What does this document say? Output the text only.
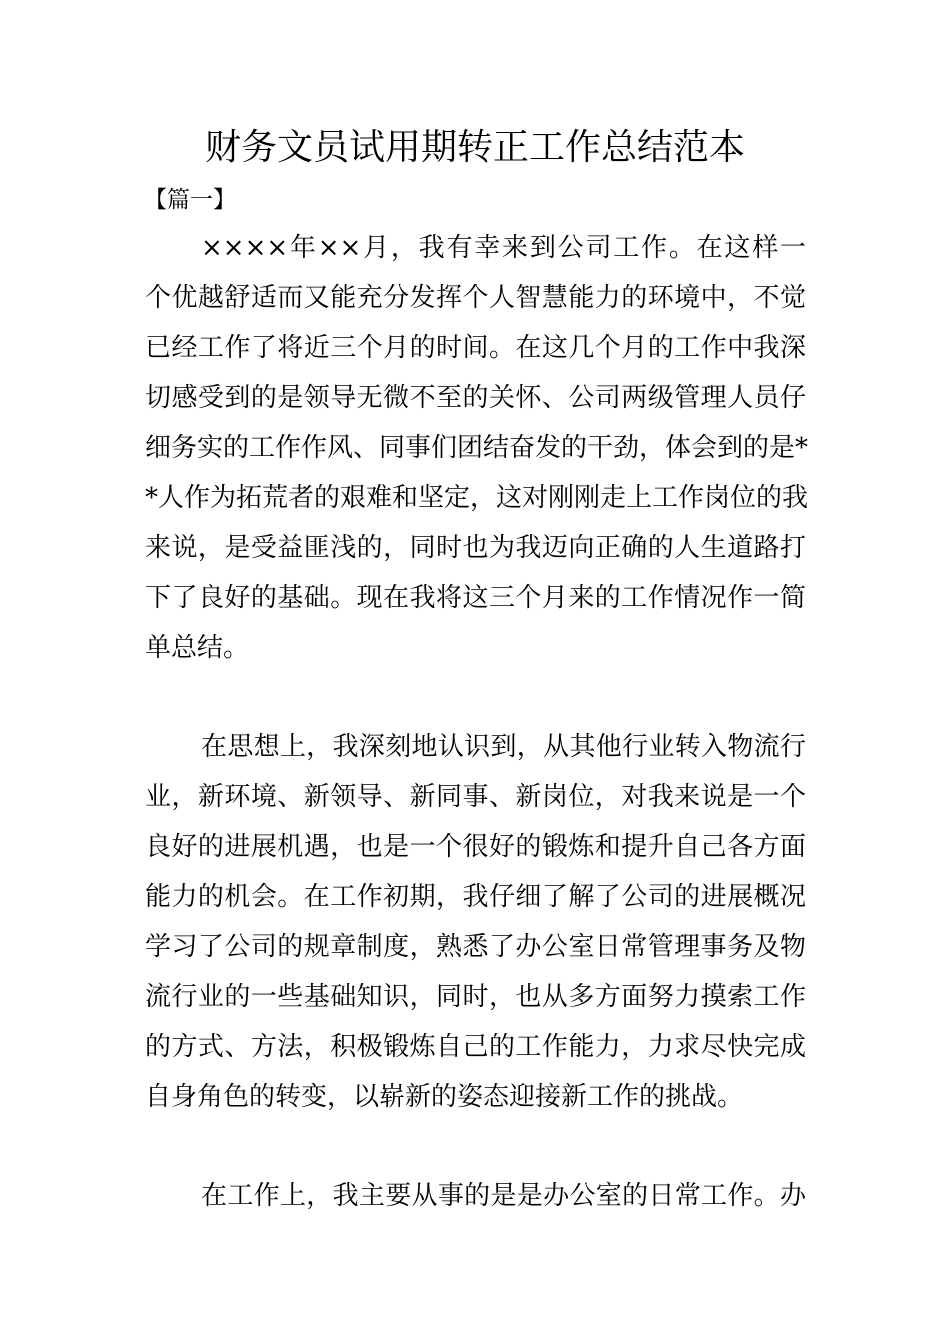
财务文员试用期转正工作总结范本
【篇一】
××××年××月，我有幸来到公司工作。在这样一
个优越舒适而又能充分发挥个人智慧能力的环境中，不觉
已经工作了将近三个月的时间。在这几个月的工作中我深
切感受到的是领导无微不至的关怀、公司两级管理人员仔
细务实的工作作风、同事们团结奋发的干劲，体会到的是*
*人作为拓荒者的艰难和坚定，这对刚刚走上工作岗位的我
来说，是受益匪浅的，同时也为我迈向正确的人生道路打
下了良好的基础。现在我将这三个月来的工作情况作一简
单总结。
在思想上，我深刻地认识到，从其他行业转入物流行
业，新环境、新领导、新同事、新岗位，对我来说是一个
良好的进展机遇，也是一个很好的锻炼和提升自己各方面
能力的机会。在工作初期，我仔细了解了公司的进展概况
学习了公司的规章制度，熟悉了办公室日常管理事务及物
流行业的一些基础知识，同时，也从多方面努力摸索工作
的方式、方法，积极锻炼自己的工作能力，力求尽快完成
自身角色的转变，以崭新的姿态迎接新工作的挑战。
在工作上，我主要从事的是是办公室的日常工作。办
